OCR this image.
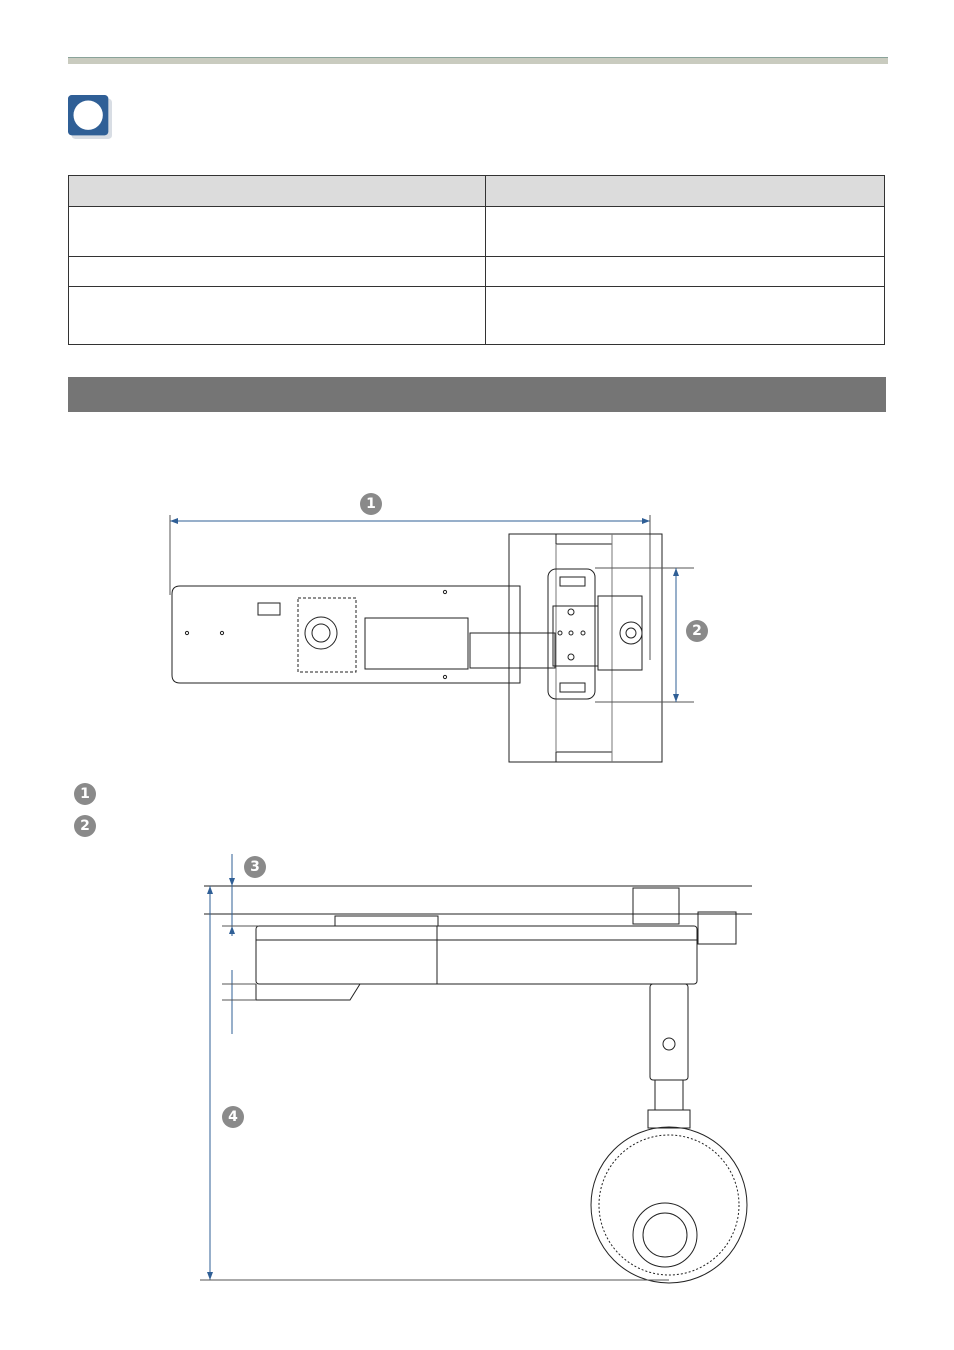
1
2
1
2
3
4
